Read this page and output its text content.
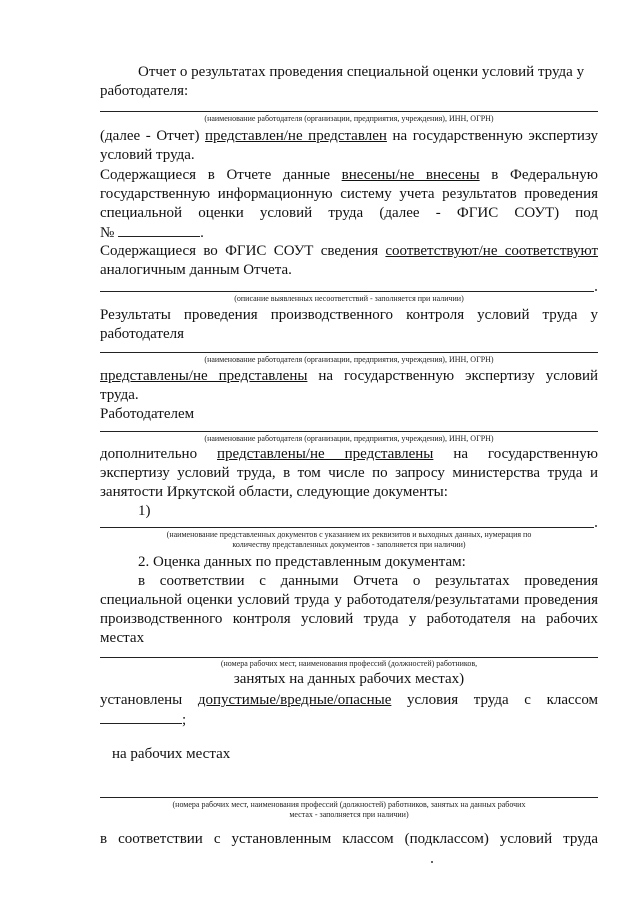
Отчет о результатах проведения специальной оценки условий труда у
работодателя:
(наименование работодателя (организации, предприятия, учреждения), ИНН, ОГРН)
(далее - Отчет) представлен/не представлен на государственную экспертизу
условий труда.
Содержащиеся в Отчете данные внесены/не внесены в Федеральную
государственную информационную систему учета результатов проведения
специальной оценки условий труда (далее - ФГИС СОУТ) под
№	.
Содержащиеся во ФГИС СОУТ сведения соответствуют/не соответствуют
аналогичным данным Отчета.
(описание выявленных несоответствий - заполняется при наличии)
Результаты проведения производственного контроля условий труда у
работодателя
(наименование работодателя (организации, предприятия, учреждения), ИНН, ОГРН)
представлены/не представлены на государственную экспертизу условий
труда.
Работодателем
(наименование работодателя (организации, предприятия, учреждения), ИНН, ОГРН)
дополнительно представлены/не представлены на государственную
экспертизу условий труда, в том числе по запросу министерства труда и
занятости Иркутской области, следующие документы:
1)
(наименование представленных документов с указанием их реквизитов и выходных данных, нумерация по
количеству представленных документов - заполняется при наличии)
2. Оценка данных по представленным документам:
в соответствии с данными Отчета о результатах проведения
специальной оценки условий труда у работодателя/результатами проведения
производственного контроля условий труда у работодателя на рабочих
местах
(номера рабочих мест, наименования профессий (должностей) работников,
занятых на данных рабочих местах)
установлены допустимые/вредные/опасные условия труда с классом
;
на рабочих местах
(номера рабочих мест, наименования профессий (должностей) работников, занятых на данных рабочих
местах - заполняется при наличии)
в соответствии с установленным классом (подклассом) условий труда
